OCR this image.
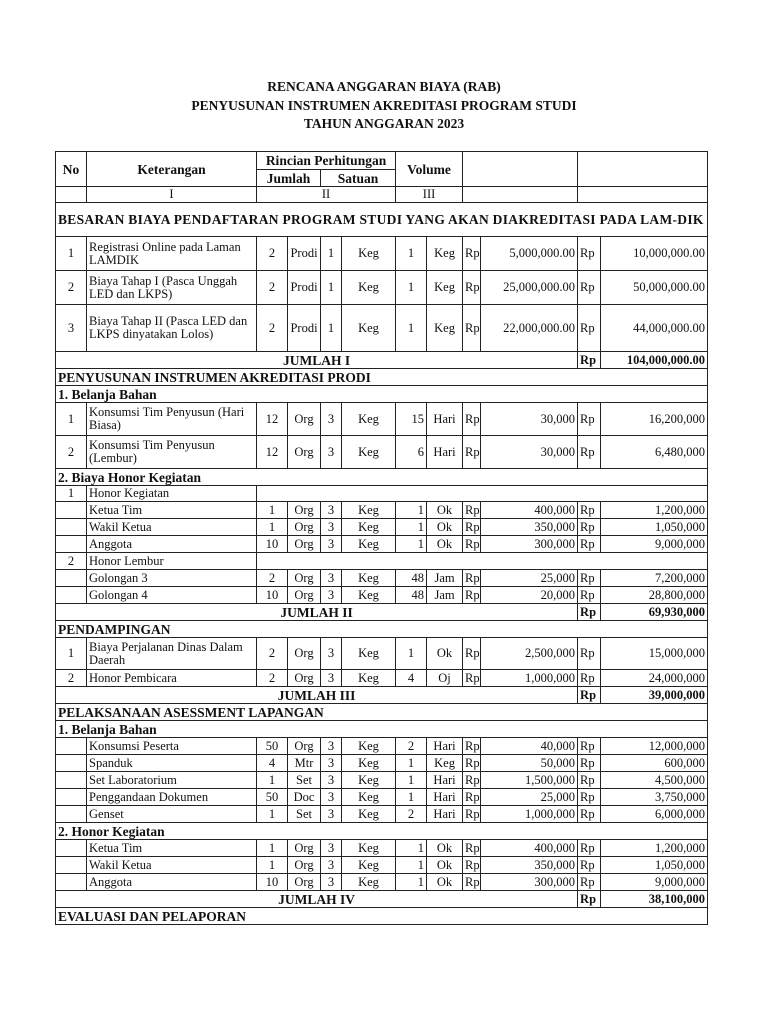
RENCANA ANGGARAN BIAYA (RAB)
PENYUSUNAN INSTRUMEN AKREDITASI PROGRAM STUDI
TAHUN ANGGARAN 2023
No	Keterangan	Rincian Perhitungan				Volume					
		Jumlah		Satuan							
	I	II				III					
BESARAN BIAYA PENDAFTARAN PROGRAM STUDI YANG AKAN DIAKREDITASI PADA LAM-DIK											
1	Registrasi Online pada Laman LAMDIK	2	Prodi	1	Keg	1	Keg	Rp	5,000,000.00	Rp	10,000,000.00
2	Biaya Tahap I (Pasca Unggah LED dan LKPS)	2	Prodi	1	Keg	1	Keg	Rp	25,000,000.00	Rp	50,000,000.00
3	Biaya Tahap II (Pasca LED dan LKPS dinyatakan Lolos)	2	Prodi	1	Keg	1	Keg	Rp	22,000,000.00	Rp	44,000,000.00
JUMLAH I										Rp	104,000,000.00
PENYUSUNAN INSTRUMEN AKREDITASI PRODI											
1. Belanja Bahan											
1	Konsumsi Tim Penyusun (Hari Biasa)	12	Org	3	Keg	15	Hari	Rp	30,000	Rp	16,200,000
2	Konsumsi Tim Penyusun (Lembur)	12	Org	3	Keg	6	Hari	Rp	30,000	Rp	6,480,000
2. Biaya Honor Kegiatan											
1	Honor Kegiatan										
	Ketua Tim	1	Org	3	Keg	1	Ok	Rp	400,000	Rp	1,200,000
	Wakil Ketua	1	Org	3	Keg	1	Ok	Rp	350,000	Rp	1,050,000
	Anggota	10	Org	3	Keg	1	Ok	Rp	300,000	Rp	9,000,000
2	Honor Lembur										
	Golongan 3	2	Org	3	Keg	48	Jam	Rp	25,000	Rp	7,200,000
	Golongan 4	10	Org	3	Keg	48	Jam	Rp	20,000	Rp	28,800,000
JUMLAH II										Rp	69,930,000
PENDAMPINGAN											
1	Biaya Perjalanan Dinas Dalam Daerah	2	Org	3	Keg	1	Ok	Rp	2,500,000	Rp	15,000,000
2	Honor Pembicara	2	Org	3	Keg	4	Oj	Rp	1,000,000	Rp	24,000,000
JUMLAH III										Rp	39,000,000
PELAKSANAAN ASESSMENT LAPANGAN											
1. Belanja Bahan											
	Konsumsi Peserta	50	Org	3	Keg	2	Hari	Rp	40,000	Rp	12,000,000
	Spanduk	4	Mtr	3	Keg	1	Keg	Rp	50,000	Rp	600,000
	Set Laboratorium	1	Set	3	Keg	1	Hari	Rp	1,500,000	Rp	4,500,000
	Penggandaan Dokumen	50	Doc	3	Keg	1	Hari	Rp	25,000	Rp	3,750,000
	Genset	1	Set	3	Keg	2	Hari	Rp	1,000,000	Rp	6,000,000
2. Honor Kegiatan											
	Ketua Tim	1	Org	3	Keg	1	Ok	Rp	400,000	Rp	1,200,000
	Wakil Ketua	1	Org	3	Keg	1	Ok	Rp	350,000	Rp	1,050,000
	Anggota	10	Org	3	Keg	1	Ok	Rp	300,000	Rp	9,000,000
JUMLAH IV										Rp	38,100,000
EVALUASI DAN PELAPORAN											
